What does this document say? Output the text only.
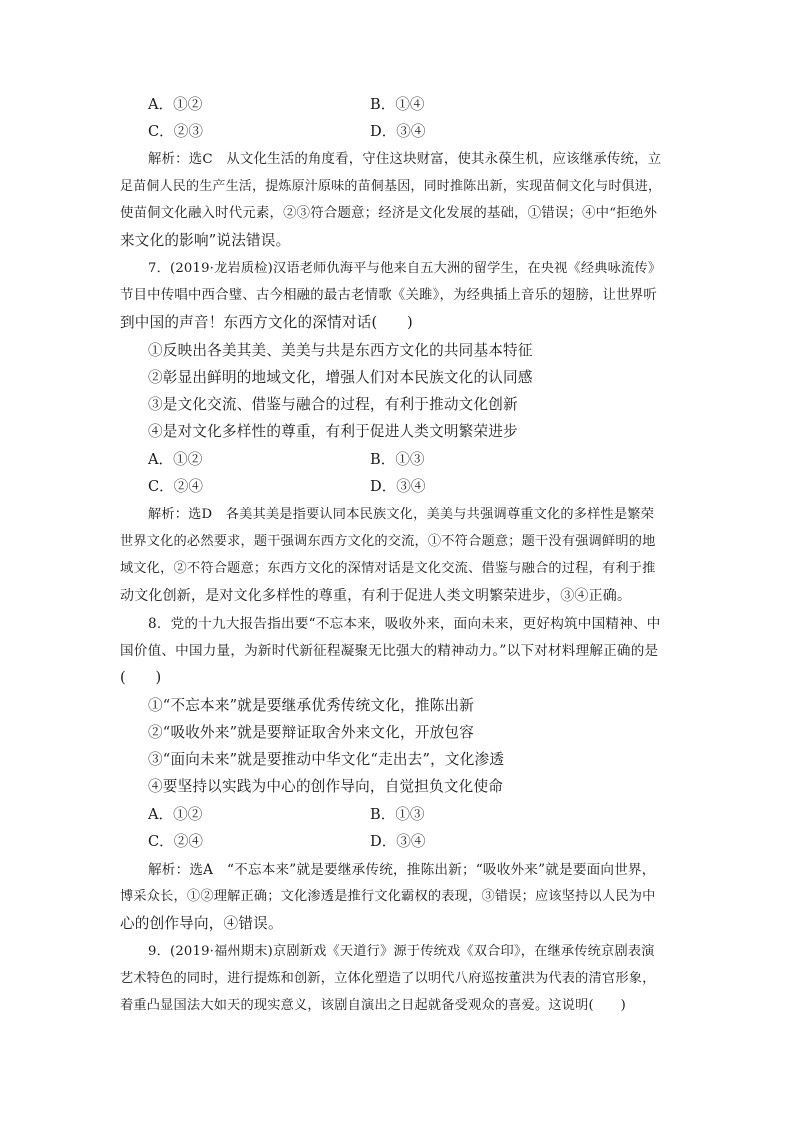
A．①②	B．①④
C．②③	D．③④
解析：选C　从文化生活的角度看，守住这块财富，使其永葆生机，应该继承传统，立
足苗侗人民的生产生活，提炼原汁原味的苗侗基因，同时推陈出新，实现苗侗文化与时俱进，
使苗侗文化融入时代元素，②③符合题意；经济是文化发展的基础，①错误；④中“拒绝外
来文化的影响”说法错误。
7．(2019·龙岩质检)汉语老师仇海平与他来自五大洲的留学生，在央视《经典咏流传》
节目中传唱中西合璧、古今相融的最古老情歌《关雎》，为经典插上音乐的翅膀，让世界听
到中国的声音！东西方文化的深情对话(　　)
①反映出各美其美、美美与共是东西方文化的共同基本特征
②彰显出鲜明的地域文化，增强人们对本民族文化的认同感
③是文化交流、借鉴与融合的过程，有利于推动文化创新
④是对文化多样性的尊重，有利于促进人类文明繁荣进步
A．①②	B．①③
C．②④	D．③④
解析：选D　各美其美是指要认同本民族文化，美美与共强调尊重文化的多样性是繁荣
世界文化的必然要求，题干强调东西方文化的交流，①不符合题意；题干没有强调鲜明的地
域文化，②不符合题意；东西方文化的深情对话是文化交流、借鉴与融合的过程，有利于推
动文化创新，是对文化多样性的尊重，有利于促进人类文明繁荣进步，③④正确。
8．党的十九大报告指出要“不忘本来，吸收外来，面向未来，更好构筑中国精神、中
国价值、中国力量，为新时代新征程凝聚无比强大的精神动力。”以下对材料理解正确的是
(　　)
①“不忘本来”就是要继承优秀传统文化，推陈出新
②“吸收外来”就是要辩证取舍外来文化，开放包容
③“面向未来”就是要推动中华文化“走出去”，文化渗透
④要坚持以实践为中心的创作导向，自觉担负文化使命
A．①②	B．①③
C．②④	D．③④
解析：选A　“不忘本来”就是要继承传统，推陈出新；“吸收外来”就是要面向世界，
博采众长，①②理解正确；文化渗透是推行文化霸权的表现，③错误；应该坚持以人民为中
心的创作导向，④错误。
9．(2019·福州期末)京剧新戏《天道行》源于传统戏《双合印》，在继承传统京剧表演
艺术特色的同时，进行提炼和创新，立体化塑造了以明代八府巡按董洪为代表的清官形象，
着重凸显国法大如天的现实意义，该剧自演出之日起就备受观众的喜爱。这说明(　　)
